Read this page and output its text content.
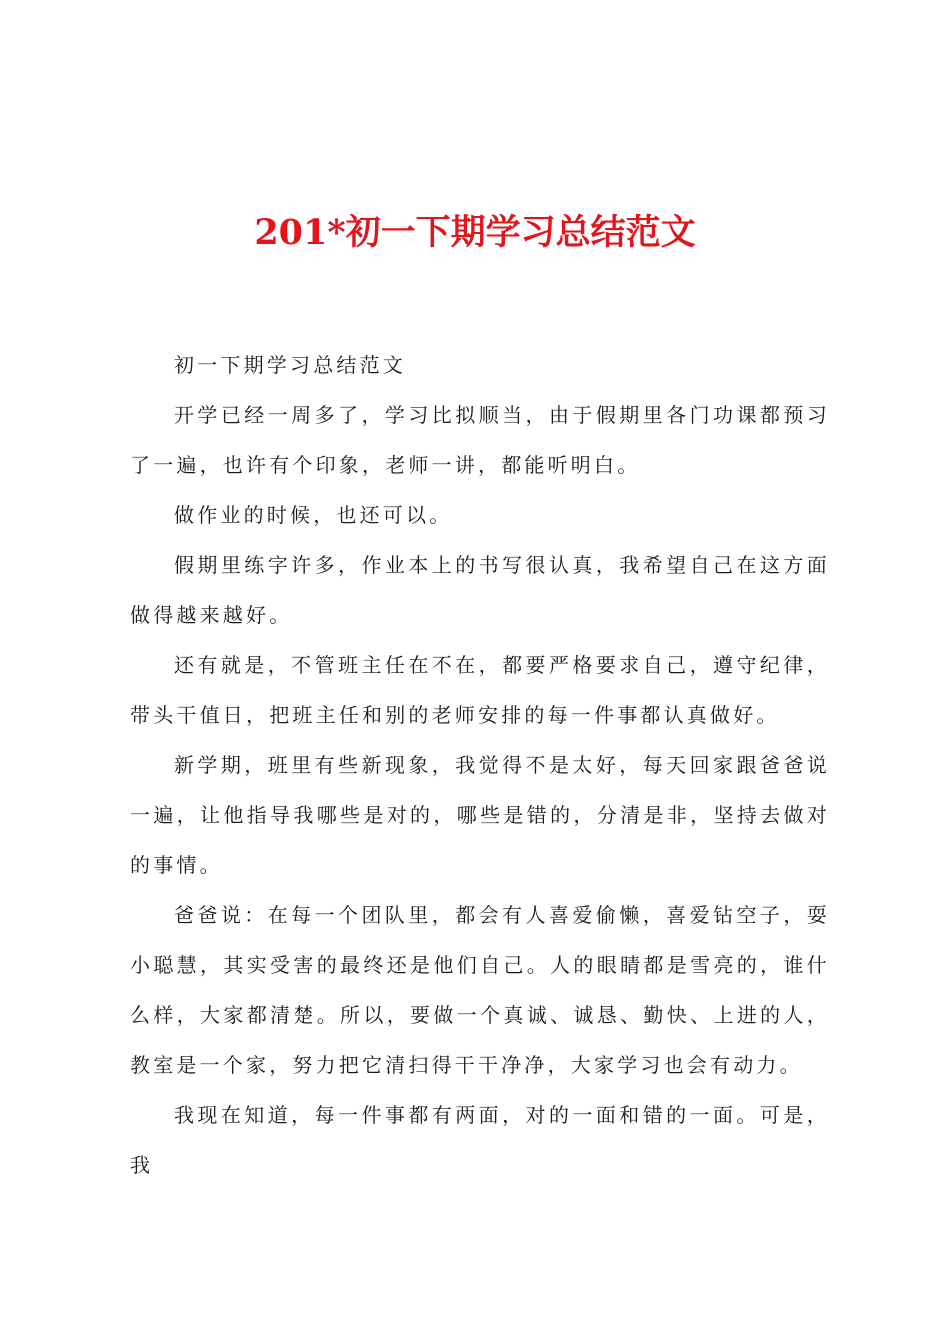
201*初一下期学习总结范文

初一下期学习总结范文

开学已经一周多了，学习比拟顺当，由于假期里各门功课都预习了一遍，也许有个印象，老师一讲，都能听明白。

做作业的时候，也还可以。

假期里练字许多，作业本上的书写很认真，我希望自己在这方面做得越来越好。

还有就是，不管班主任在不在，都要严格要求自己，遵守纪律，带头干值日，把班主任和别的老师安排的每一件事都认真做好。

新学期，班里有些新现象，我觉得不是太好，每天回家跟爸爸说一遍，让他指导我哪些是对的，哪些是错的，分清是非，坚持去做对的事情。

爸爸说：在每一个团队里，都会有人喜爱偷懒，喜爱钻空子，耍小聪慧，其实受害的最终还是他们自己。人的眼睛都是雪亮的，谁什么样，大家都清楚。所以，要做一个真诚、诚恳、勤快、上进的人，教室是一个家，努力把它清扫得干干净净，大家学习也会有动力。

我现在知道，每一件事都有两面，对的一面和错的一面。可是，我
